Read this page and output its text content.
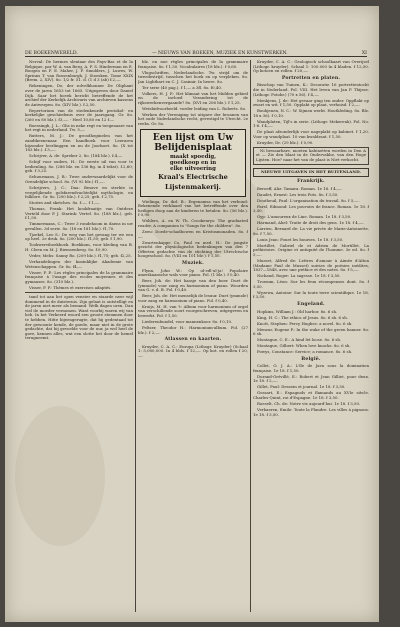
DE BOEKENWERELD.	— NIEUWS VAN BOEKEN, MUZIEK EN KUNSTWERKEN.	XI

Nerval: De hermes slentaar des Pays-Bas et de la Belgique, par W. A. van Berg, A. F. S. Hinderman en E. Boogen en F. E. Maher, J. F. Smulders, J. Luwes, W. Sprinns T. van Rossenburgh, J. Stoesken. Tome XXIX (Brem. 2, XIV). 8o. 1/2 fr. 51. d. (1 d 3 (ab) f.2,—.

Rekeningen, De, der rolvelkhonner De Oliphant over de jaren 1653 tot 1665. Uitgegeven door Daniel Dijk. Saar het boeek bericht betreffende de het archief der Kerkelijk Archivaris van archieven kassens de Antwerpen. 8o. (XIV blz.). f.2,50.

Repertorium van de stedenkeurde protokol- en kerkelijke geschiedenis over de jaarsgang. Gr. 8o. (260 en 80 blz.). f3,—. - Heel 10,80 en 12 f.—

Roessingh, J. L.: Glis in neke regt en toegenaare van het regt in nederland. Tw. 5,—

Rutters, M. J.: De groodheginelen van het zandtkeenenaar. Een handboek voor Leeraren bijzonder leerlinggen en nu de Joodsoet. 8o. (X tot 183 blz.). f.3,—.

Schrijver, A. de: Spreker 2, 8o. (184 blz.). f.4,—

Schijf voor ouders, H.: De eerste uil van voor te bedienling. 8o. (286 blz. en 136 fig. in 4 tekst). f.2,60; geb. f 3,25.

Sehuurmans, J. B.: Twee onderwaardelijkt voor de Orendelijke school. 8o. (VI 92 blz.) f1,—.

Schrijvers, J. C.: Daa: Besave en sterkte in vergelijkende golsfarendvachtelijkt mythologie, en folklore. Gr. 8o. (200 blz.). f 2,25; geb. f 2,75.

Stories and sketches. 8o. f.—. f 1,—.

Thomas, Frank: Het kookfraaitje van Ontdeze Verteld door P. J. Starink: Vertel. 8o. (188 blz.). geb. f.1,50.

Timmermans, C.: Twee 3 rondehoom in daens in uw gevallen. 3d serie. 8o. (18 en 181 blz.). f1,70.

Tjoekel, Leo S.: De weg van het gevang ter we een op heel. 2e druk. 8o. (200 blz.). f1,50; geb. f 1,90.

Tookwerviboekboek. Boekkom, voor kleding van B. H. Cleen en M. J. Riemsenberg. 8o. f.0,90.

Veder, Mehs: Sanny Ro. (209 blz.). f1,75; geb. f2,25.

Verhandelingen der koninklijke Akademie van Wetenschappen. Gr. 8o. f4,—

Visser, F. P.: Les règles principales de la grammaire française à l'usage des ecoles moyennes et des gymnases. 8o. (310 blz.).

Visser, F. P.: Thèmes et exercises adaptés.

tand tot aan het open venster en staarde neer wijl dommend in de duisternis. Zijn gelaat is ontstelligt en de jaren niet meer als bemand. Welk dagen uren. Dan viel de moeder vernomen. Want voorbij waren wij van heb. In het Verkeerd woord een groote stemmen door te hebben. Hitte bijeengerugte, dat hij gedentaad tot der gewoonte kende, de goede, maar niet in de grote gedachte, dat hij gevoelde voor de uur, ja wel heel de gave, kennen alles, wat een slotte het door de hemel terugneemt.

blz. en noe règles principales de la grammaire française. 8o. f 1,50. Vocabulaires (18 blz.). f 0,60.

Vlugschriften, Nederlandsche. Tw. strijd om de tweedestrijd, tusschen het boek en op verpleken. 8o. Jan Lighthart en C. J. Casimir. In heere. 8o.

Ter serie (40 pag.). f 1,— a 3fl. 8o. f0,40.

Volkers, H. J. F.: Het klimaat van het Midden gebied en de invloed Verandering tot de rijkswerkenvergaande? 8o. (XVI en 206 blz.). f 1,25.

Wetsbidvoorbeeld. vorder leiding van L. Roberts. 8o.

Werken der Vereniging tot uitgave der bronnen van het oude Vaderlandsche recht, gevestigd te Utrecht. 2e reeks. Gr. 8o.

Een lijst om Uw
Belijdenisplaat
maakt spoedig,
goedkoop en in
elke uitvoering
Kraal's Electrische
Lijstenmakerij.

Wielinga, Dr. ihrl. B.: Ergenamsa van het verbond: Bekenende verklaard van het betreffende over den heiligen doop aan de kinderen te betalen. 8o. (56 blz.). f 0,90.

Wohlers, A. en W. Th. Crookenrys: The graduated reader. A companion to "Songs for the children". 8o.

Zeeu: Doede-schadbowen en Kristusmonaden. 8o. f —.

Zwartenkappe Co, Paul ex med. H.: De jongste gezicht der physiologische bedenkingen van den 7 Offerten gedachte van de stichting der Utrechtsche hoogeschool. 8o. (VIII en 101 blz.). f 1,50.

Muziek.

Flynn, John W.: Op ul-edl-ul-ja! Popolaire amerikaansche wals voor piano. Fol. (1 blz.). f 0,40.

Beer, Joh. de: Het haasje van den boer. Duet de (ymmole) voor zang en harmonium of piano. Woorden van G. v. d. B. Fol. f 0,40.

Beer, Joh. de: Het menselijk de lesuur. Duet (ymmole) voor zang en harmonium of piano. Fol. f 0,40.

Kruijs, M. H. van 't: Album voor harmonium of orgel van verschillende soort voorgeschreven, uitgegeven en bewerkt. Fol. f 1,50.

Liederenbundel, voor mannenkoor. 8o. f 0,10.

Peltzer, Theodor H.: Harmonium-album. Fol. (27 blz.). f 2,—.

Atlassen en kaarten.

Kruyder, C. A. C.: Europa (Lithogr. Kruyder) (Schaal 1: 5,000,000. In 4 blds. f 12,—. Op kot. en rollen f 20,—.

Kruyder, C. A. C.: Geologisch schoolkaart van Overijsel (Lithogr. kruyder). Schaal 1: 100.000 In 4 bladen. f 12,50. Op kotoen en rollen. f 20,—.

Portretten en platen.

Bisschop van Tuinen, K.: Decoratie 16 portrettentocht die in Nederland. Fol. VIII. Het leven van Jan P. Thijsse. (Lithogr. Fotobr.) (70 x 56). f 4,—.

Menkjens, J. de: Het gevaar ging ten onder. Oppflakt op zwart en wit. f 1,50. Opplakt op plaat, verhuisd. f 2,—.

Bouhjenen, N. C.: W. Sijmen werkt. Houtkleding. 8o. Blz. 18 x 36). f 0,10.

Wandplaten, Tijl's in serie. (Lithogr. Mekerenk). Fol. No. 1-6. f 4,—.

De plaat afzonderlijk voor nageplakt op kabinet. f 1,20. Voor op wandplaat. 10 van kwaldraat. f 1,50.

Kruyder, Dr. (29 blz.). f 0,90.

Ni bewaarbare, moeten kabinetten worden in Den A et — Zie den blaat in de Ondervakhe, van den Hoge Lijsten. Hoe? naar het van de plaat is Niet verkocht.

NIEUWE UITGAVEN IN HET BUITENLAND.
Frankrijk.

Beroeff, Aliz: Tamara. Roman. 1e 18. f 4,—.

Daudet, Ernest: Les trois Pots. 8o. f 3,50.

Doutheuil, Paul: L'organisation du travail. 8o. f 5,—.

Farel, Edmond: Les pouvoirs de france. Roman. 1e 18. f 3,50.

Gyp: L'amoureux de Line. Roman. 1e 18. f 3,50.

Harmand, Abel: Traite de droit des gens. 1e 18. f 4,—.

Larrieu, Bernard de: La vie privée de Marie-Antoinette. 8o. f 7,50.

Louis Jean: Fouet les bourses. 1e 18. f 3,50.

Mortillet, Gabriel de et Adrien de Mortillet. La préhistoire. Origine et antiquité de l'homme. 3e ed. 8o. f 5,—.

Musset, Alfred de: Lettres d'amour à Aimée d'Alton (Madame Paul de Musset) suivies de poésies inédites, 1837—1848, avec une préface et des notes. 8o. f 5,—.

Nichaud, Roger: La sagesse. 1e 18. f 3,50.

Troemm, Léon: Sur les feux récompenses dont. 8o. f 3,50.

Wyzewa, Antoine: Sur la toute terre scientifique. 1e 18. f 3,50.

Engeland.

Hopkins, William J.: Old harbor. 8o. 6 sh.

King, H. C.: The ethics of Jesus. 8o. 6 sh. 6 sh.

Knott, Stephen: Percy Hughes: a novel. 8o. 6 sh.

Menzur, Eugene P.: In the wake of the green banner. 8o. 6 sh.

Montague, C. E.: A hind let loose. 8o. 6 sh.

Montague, Gilbert: When love knocks. 8o. 6 sh.

Powys, Constance: Service; a romance. 8o. 6 sh.

België.

Collet, O. J. A.: L'île de Java sous la domination française. 1e 18. f 1,50.

Durand-Grévillé, E.: Robert et Jean Gilliet, pour deux. 1e 18. f 2,—.

Gillet, Paul: Dessein et journal. 1e 18. f 3,50.

Gossart, E.: Espagnols et flamands au XVIe siècle. Charles-Quint, roi d'Espagne. 1e 18. f 3,50.

Roeselt, Ch. de: Notre vie aujourd'hui. 1e 18. f 3,50.

Verhaeren, Emile: Toute la Flandre. Les villes à pignons. 1e 18. f 3,50.
